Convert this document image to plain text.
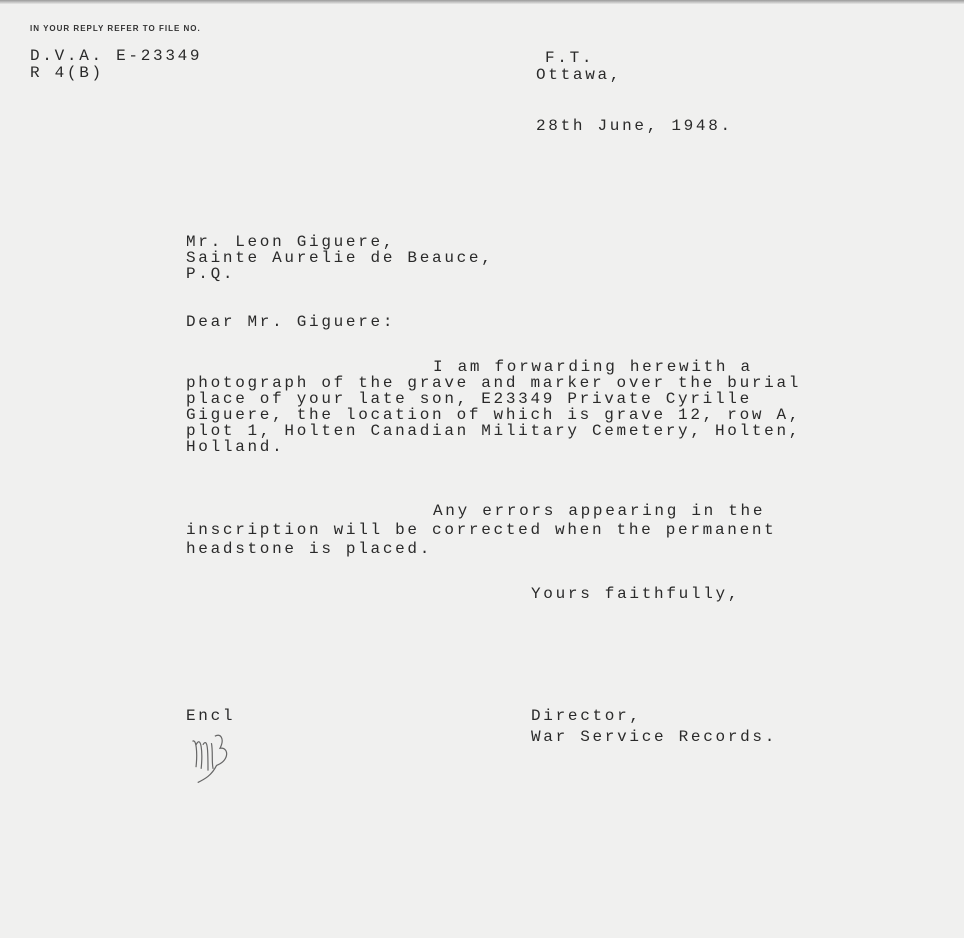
IN YOUR REPLY REFER TO FILE NO.
D.V.A. E-23349
R 4(B)
F.T.
Ottawa,
28th June, 1948.
Mr. Leon Giguere,
Sainte Aurelie de Beauce,
P.Q.
Dear Mr. Giguere:
I am forwarding herewith a
photograph of the grave and marker over the burial
place of your late son, E23349 Private Cyrille
Giguere, the location of which is grave 12, row A,
plot 1, Holten Canadian Military Cemetery, Holten,
Holland.
Any errors appearing in the
inscription will be corrected when the permanent
headstone is placed.
Yours faithfully,
Encl	Director,
War Service Records.
